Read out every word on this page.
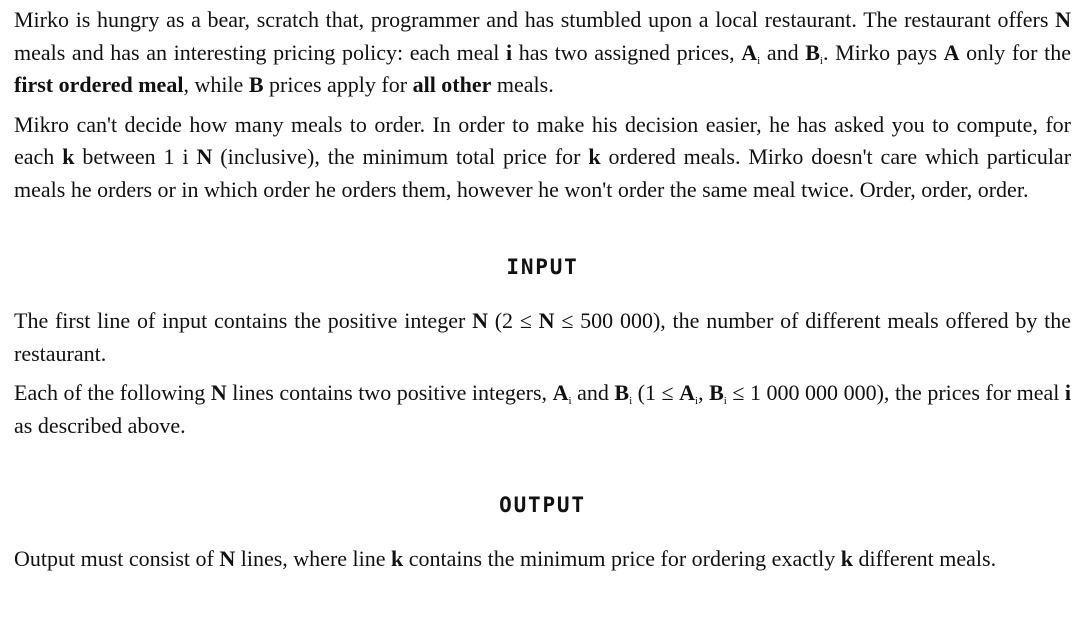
Mirko is hungry as a bear, scratch that, programmer and has stumbled upon a local restaurant. The restaurant offers N meals and has an interesting pricing policy: each meal i has two assigned prices, $A_i$ and $B_i$. Mirko pays A only for the first ordered meal, while B prices apply for all other meals.

Mikro can't decide how many meals to order. In order to make his decision easier, he has asked you to compute, for each k between 1 i N (inclusive), the minimum total price for k ordered meals. Mirko doesn't care which particular meals he orders or in which order he orders them, however he won't order the same meal twice. Order, order, order.

INPUT

The first line of input contains the positive integer N (2 ≤ N ≤ 500 000), the number of different meals offered by the restaurant.

Each of the following N lines contains two positive integers, $A_i$ and $B_i$ ($1 \le A_i$, $B_i \le 1$ 000 000 000), the prices for meal i as described above.

OUTPUT

Output must consist of N lines, where line k contains the minimum price for ordering exactly k different meals.
